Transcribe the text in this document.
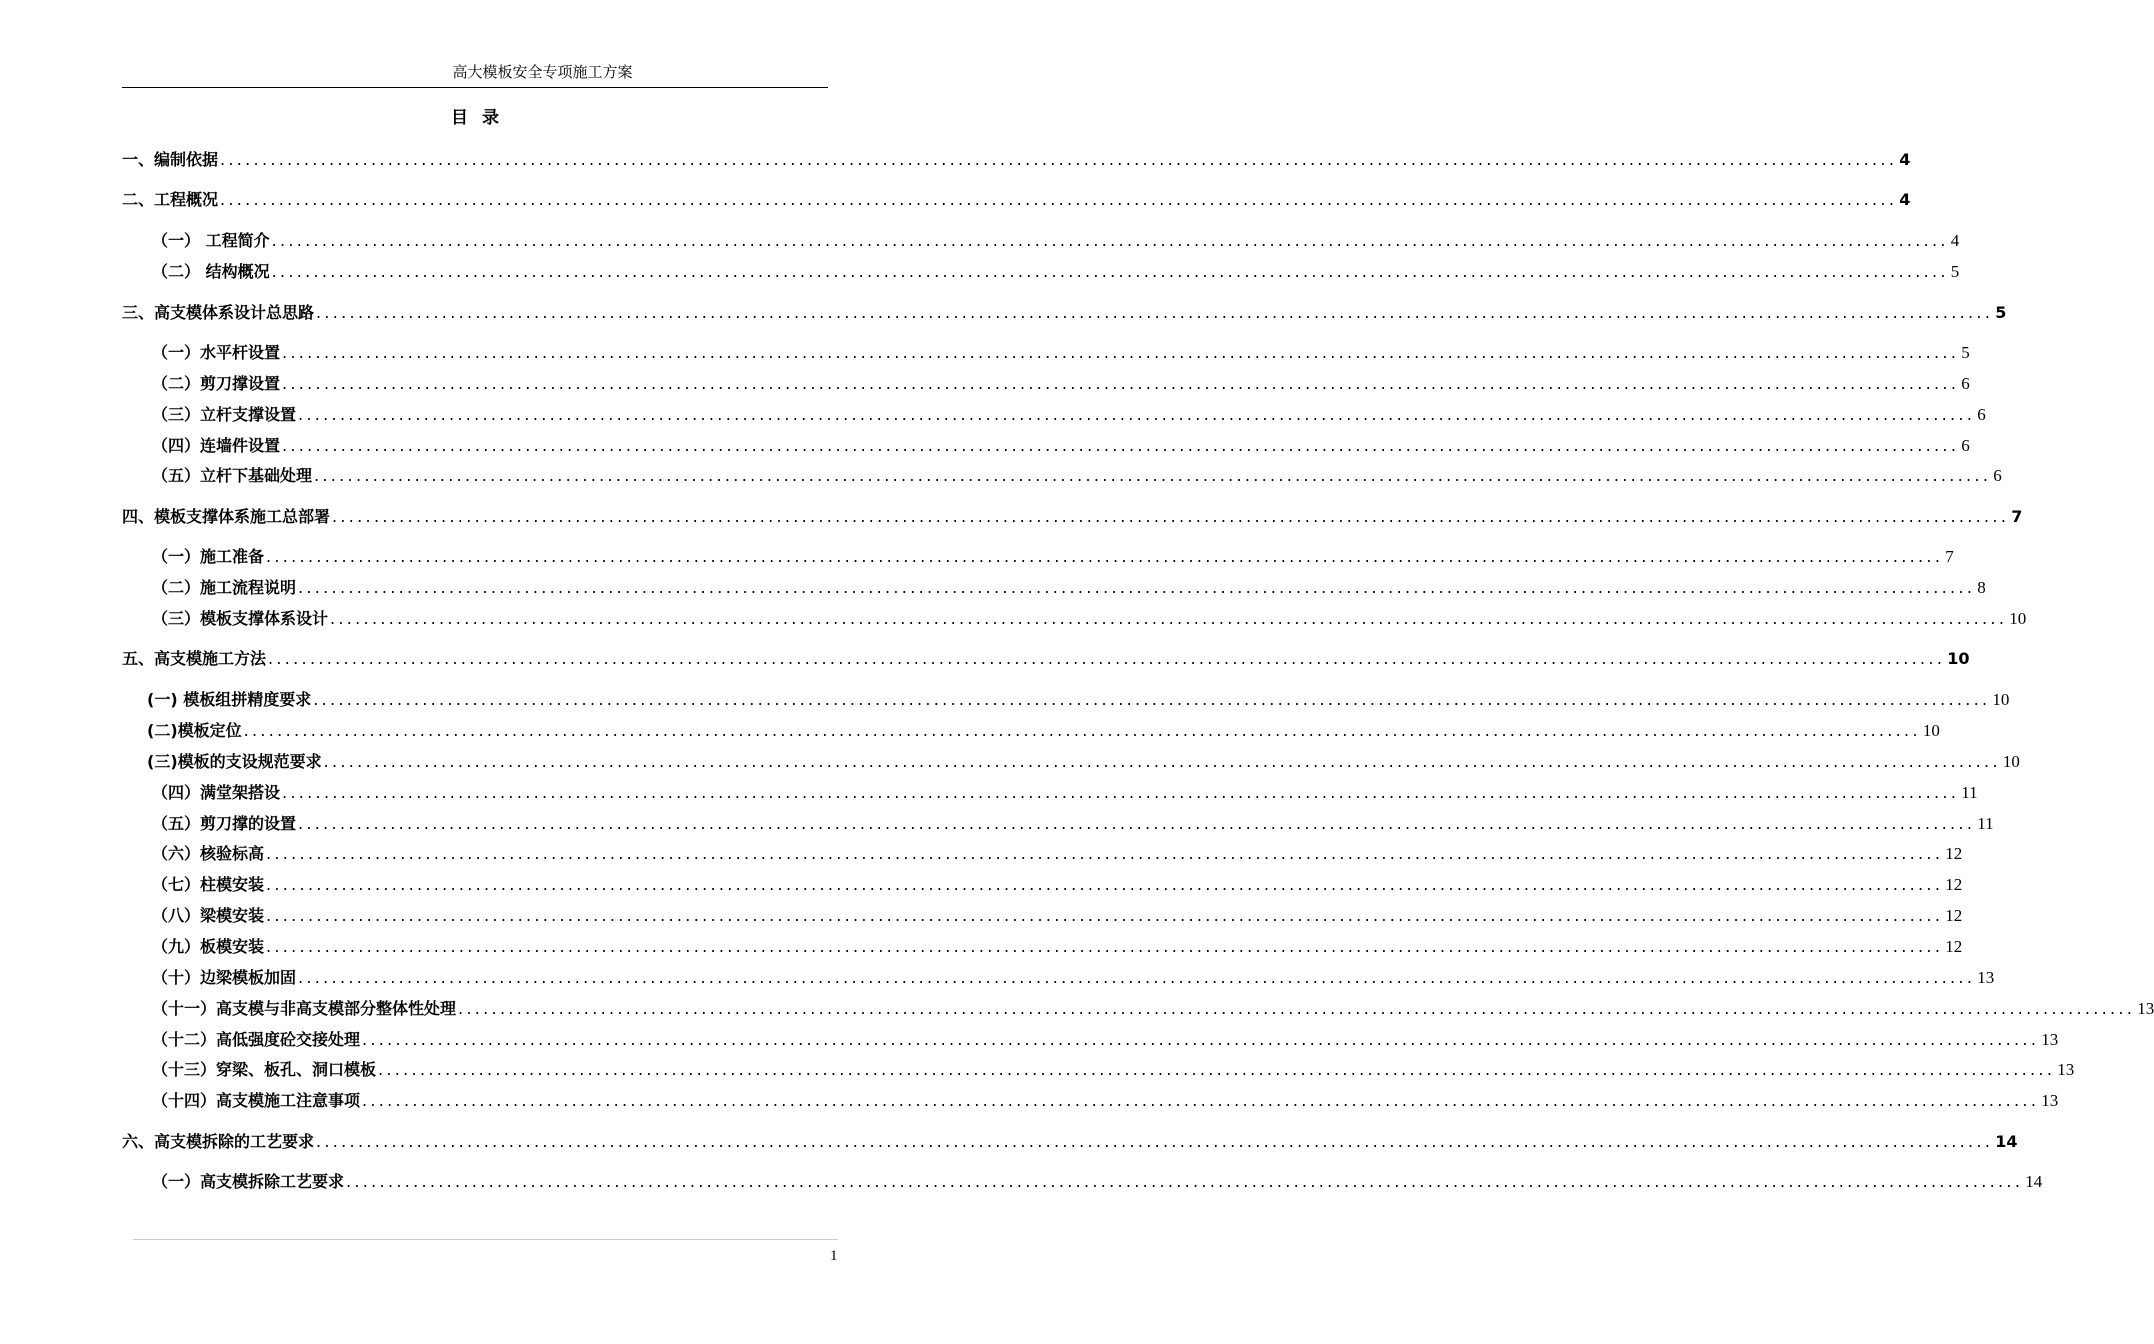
高大模板安全专项施工方案
目录
一、编制依据 ........................................................................................................................................................................................................ 4
二、工程概况 ........................................................................................................................................................................................................ 4
（一） 工程简介 ........................................................................................................................................................................................................ 4
（二） 结构概况 ........................................................................................................................................................................................................ 5
三、高支模体系设计总思路 ........................................................................................................................................................................................................ 5
（一）水平杆设置 ........................................................................................................................................................................................................ 5
（二）剪刀撑设置 ........................................................................................................................................................................................................ 6
（三）立杆支撑设置 ........................................................................................................................................................................................................ 6
（四）连墙件设置 ........................................................................................................................................................................................................ 6
（五）立杆下基础处理 ........................................................................................................................................................................................................ 6
四、模板支撑体系施工总部署 ........................................................................................................................................................................................................ 7
（一）施工准备 ........................................................................................................................................................................................................ 7
（二）施工流程说明 ........................................................................................................................................................................................................ 8
（三）模板支撑体系设计 ........................................................................................................................................................................................................ 10
五、高支模施工方法 ........................................................................................................................................................................................................ 10
(一) 模板组拼精度要求 ........................................................................................................................................................................................................ 10
(二)模板定位 ........................................................................................................................................................................................................ 10
(三)模板的支设规范要求 ........................................................................................................................................................................................................ 10
（四）满堂架搭设 ........................................................................................................................................................................................................ 11
（五）剪刀撑的设置 ........................................................................................................................................................................................................ 11
（六）核验标高 ........................................................................................................................................................................................................ 12
（七）柱模安装 ........................................................................................................................................................................................................ 12
（八）梁模安装 ........................................................................................................................................................................................................ 12
（九）板模安装 ........................................................................................................................................................................................................ 12
（十）边梁模板加固 ........................................................................................................................................................................................................ 13
（十一）高支模与非高支模部分整体性处理 ........................................................................................................................................................................................................ 13
（十二）高低强度砼交接处理 ........................................................................................................................................................................................................ 13
（十三）穿梁、板孔、洞口模板 ........................................................................................................................................................................................................ 13
（十四）高支模施工注意事项 ........................................................................................................................................................................................................ 13
六、高支模拆除的工艺要求 ........................................................................................................................................................................................................ 14
（一）高支模拆除工艺要求 ........................................................................................................................................................................................................ 14
1
